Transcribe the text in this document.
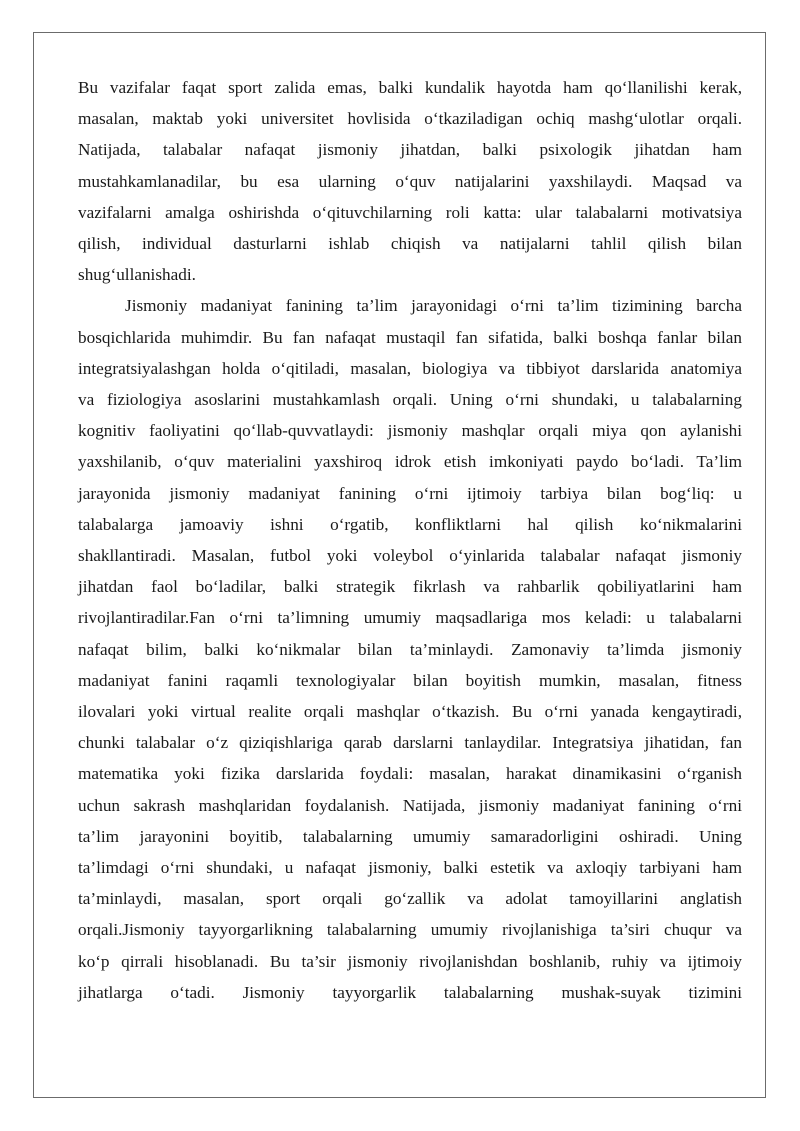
Bu vazifalar faqat sport zalida emas, balki kundalik hayotda ham qo‘llanilishi kerak,
masalan, maktab yoki universitet hovlisida o‘tkaziladigan ochiq mashg‘ulotlar orqali.
Natijada, talabalar nafaqat jismoniy jihatdan, balki psixologik jihatdan ham
mustahkamlanadilar, bu esa ularning o‘quv natijalarini yaxshilaydi. Maqsad va
vazifalarni amalga oshirishda o‘qituvchilarning roli katta: ular talabalarni motivatsiya
qilish, individual dasturlarni ishlab chiqish va natijalarni tahlil qilish bilan
shug‘ullanishadi.

Jismoniy madaniyat fanining ta’lim jarayonidagi o‘rni ta’lim tizimining barcha
bosqichlarida muhimdir. Bu fan nafaqat mustaqil fan sifatida, balki boshqa fanlar bilan
integratsiyalashgan holda o‘qitiladi, masalan, biologiya va tibbiyot darslarida anatomiya
va fiziologiya asoslarini mustahkamlash orqali. Uning o‘rni shundaki, u talabalarning
kognitiv faoliyatini qo‘llab-quvvatlaydi: jismoniy mashqlar orqali miya qon aylanishi
yaxshilanib, o‘quv materialini yaxshiroq idrok etish imkoniyati paydo bo‘ladi. Ta’lim
jarayonida jismoniy madaniyat fanining o‘rni ijtimoiy tarbiya bilan bog‘liq: u
talabalarga jamoaviy ishni o‘rgatib, konfliktlarni hal qilish ko‘nikmalarini
shakllantiradi. Masalan, futbol yoki voleybol o‘yinlarida talabalar nafaqat jismoniy
jihatdan faol bo‘ladilar, balki strategik fikrlash va rahbarlik qobiliyatlarini ham
rivojlantiradilar.Fan o‘rni ta’limning umumiy maqsadlariga mos keladi: u talabalarni
nafaqat bilim, balki ko‘nikmalar bilan ta’minlaydi. Zamonaviy ta’limda jismoniy
madaniyat fanini raqamli texnologiyalar bilan boyitish mumkin, masalan, fitness
ilovalari yoki virtual realite orqali mashqlar o‘tkazish. Bu o‘rni yanada kengaytiradi,
chunki talabalar o‘z qiziqishlariga qarab darslarni tanlaydilar. Integratsiya jihatidan, fan
matematika yoki fizika darslarida foydali: masalan, harakat dinamikasini o‘rganish
uchun sakrash mashqlaridan foydalanish. Natijada, jismoniy madaniyat fanining o‘rni
ta’lim jarayonini boyitib, talabalarning umumiy samaradorligini oshiradi. Uning
ta’limdagi o‘rni shundaki, u nafaqat jismoniy, balki estetik va axloqiy tarbiyani ham
ta’minlaydi, masalan, sport orqali go‘zallik va adolat tamoyillarini anglatish
orqali.Jismoniy tayyorgarlikning talabalarning umumiy rivojlanishiga ta’siri chuqur va
ko‘p qirrali hisoblanadi. Bu ta’sir jismoniy rivojlanishdan boshlanib, ruhiy va ijtimoiy
jihatlarga o‘tadi. Jismoniy tayyorgarlik talabalarning mushak-suyak tizimini
